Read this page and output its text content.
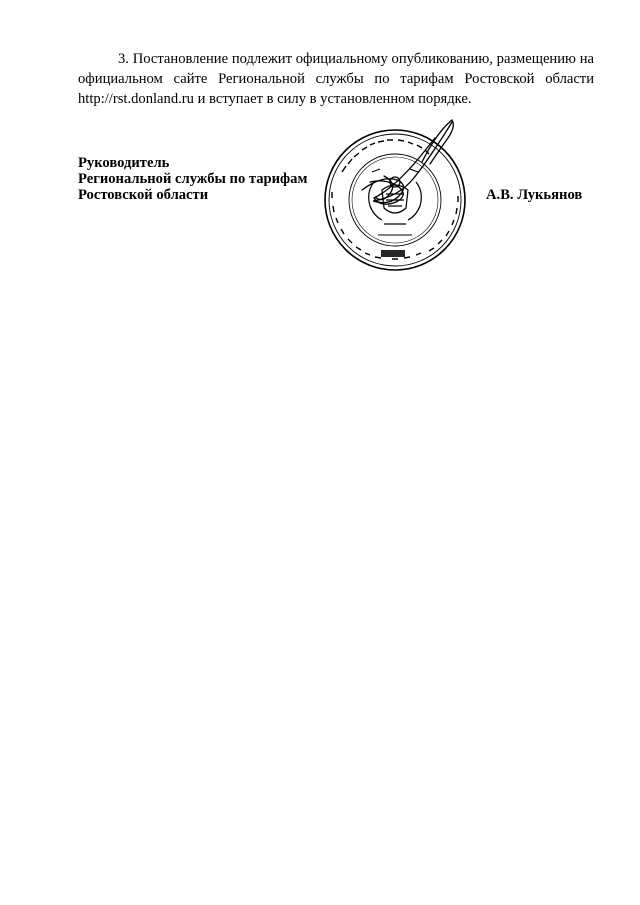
3. Постановление подлежит официальному опубликованию, размещению на официальном сайте Региональной службы по тарифам Ростовской области http://rst.donland.ru и вступает в силу в установленном порядке.

Руководитель
Региональной службы по тарифам
Ростовской области	А.В. Лукьянов
